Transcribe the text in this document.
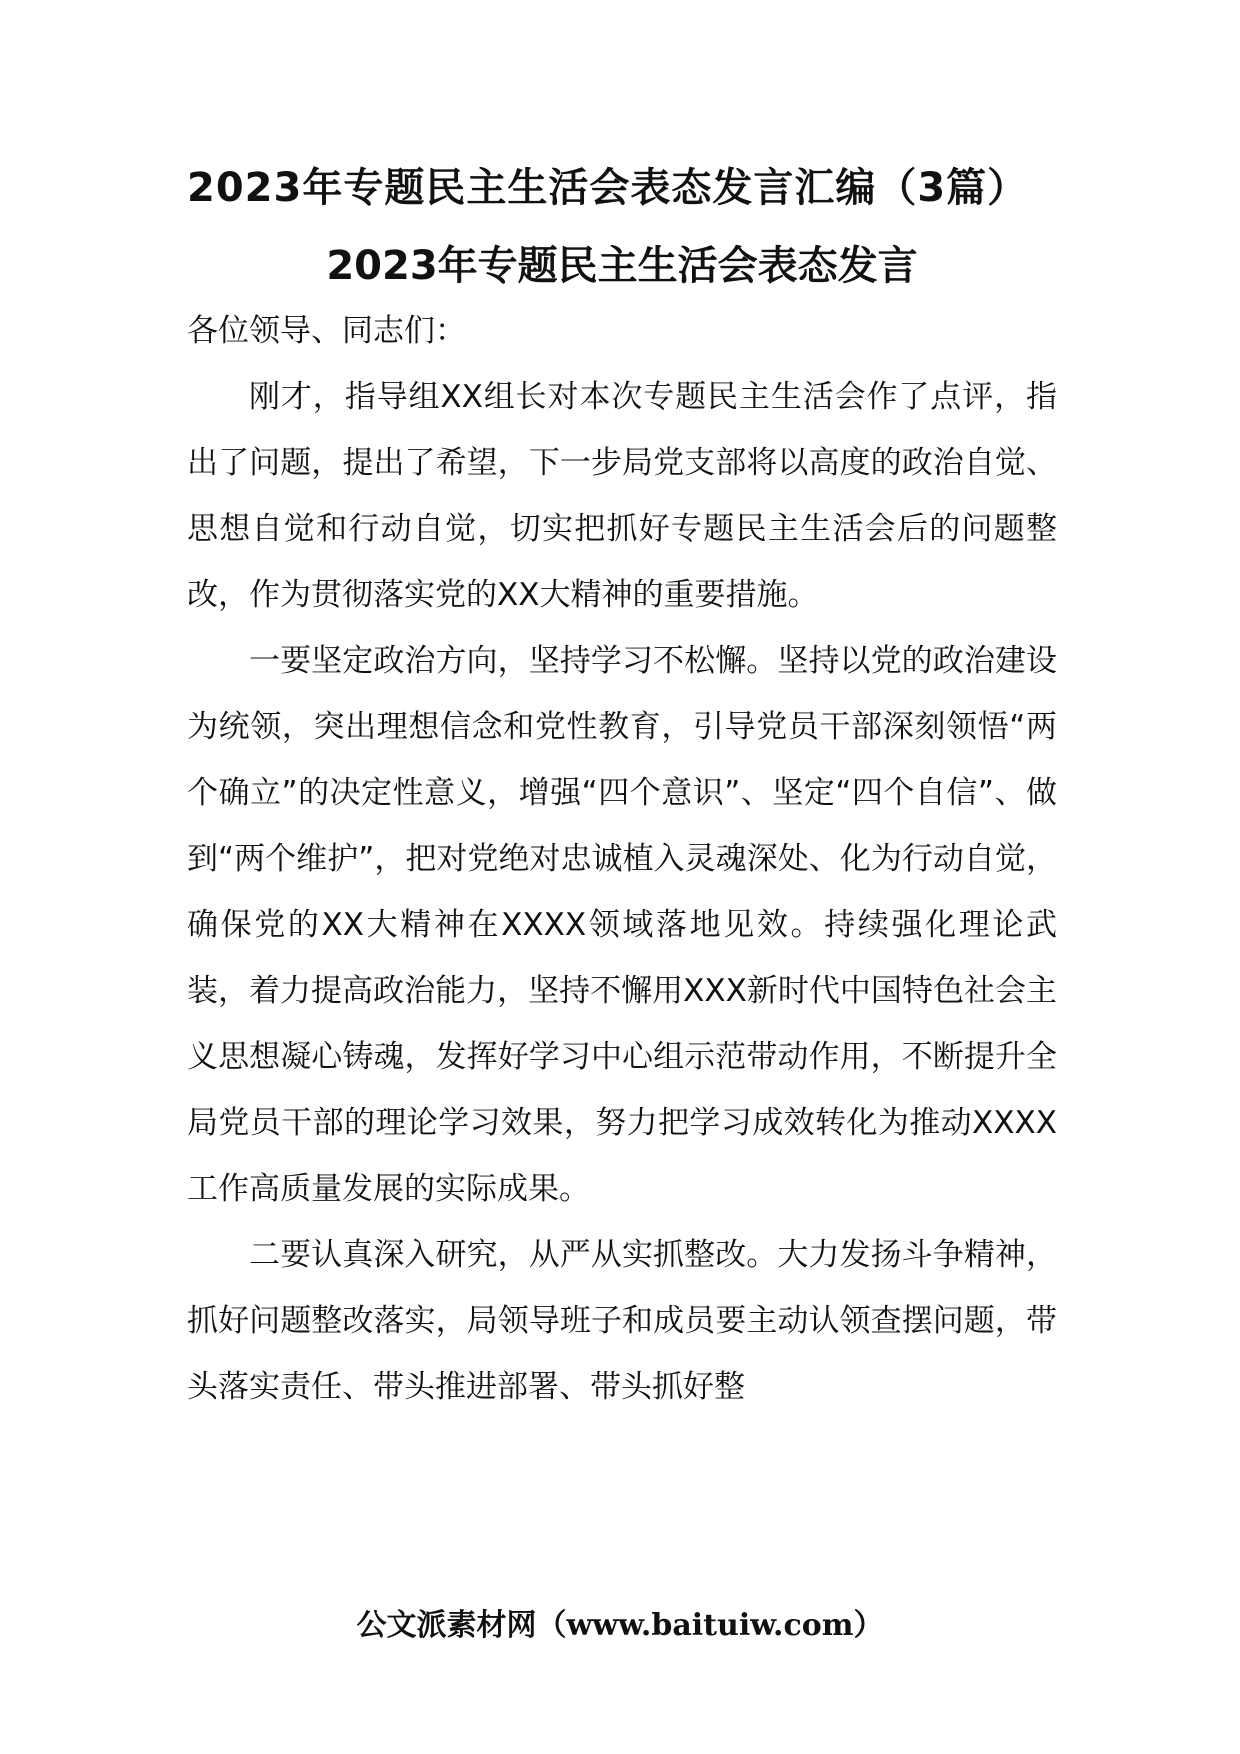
2023年专题民主生活会表态发言汇编（3篇）
2023年专题民主生活会表态发言

各位领导、同志们：

刚才，指导组XX组长对本次专题民主生活会作了点评，指出了问题，提出了希望，下一步局党支部将以高度的政治自觉、思想自觉和行动自觉，切实把抓好专题民主生活会后的问题整改，作为贯彻落实党的XX大精神的重要措施。

一要坚定政治方向，坚持学习不松懈。坚持以党的政治建设为统领，突出理想信念和党性教育，引导党员干部深刻领悟“两个确立”的决定性意义，增强“四个意识”、坚定“四个自信”、做到“两个维护”，把对党绝对忠诚植入灵魂深处、化为行动自觉，确保党的XX大精神在XXXX领域落地见效。持续强化理论武装，着力提高政治能力，坚持不懈用XXX新时代中国特色社会主义思想凝心铸魂，发挥好学习中心组示范带动作用，不断提升全局党员干部的理论学习效果，努力把学习成效转化为推动XXXX工作高质量发展的实际成果。

二要认真深入研究，从严从实抓整改。大力发扬斗争精神，抓好问题整改落实，局领导班子和成员要主动认领查摆问题，带头落实责任、带头推进部署、带头抓好整

公文派素材网（www.baituiw.com）
